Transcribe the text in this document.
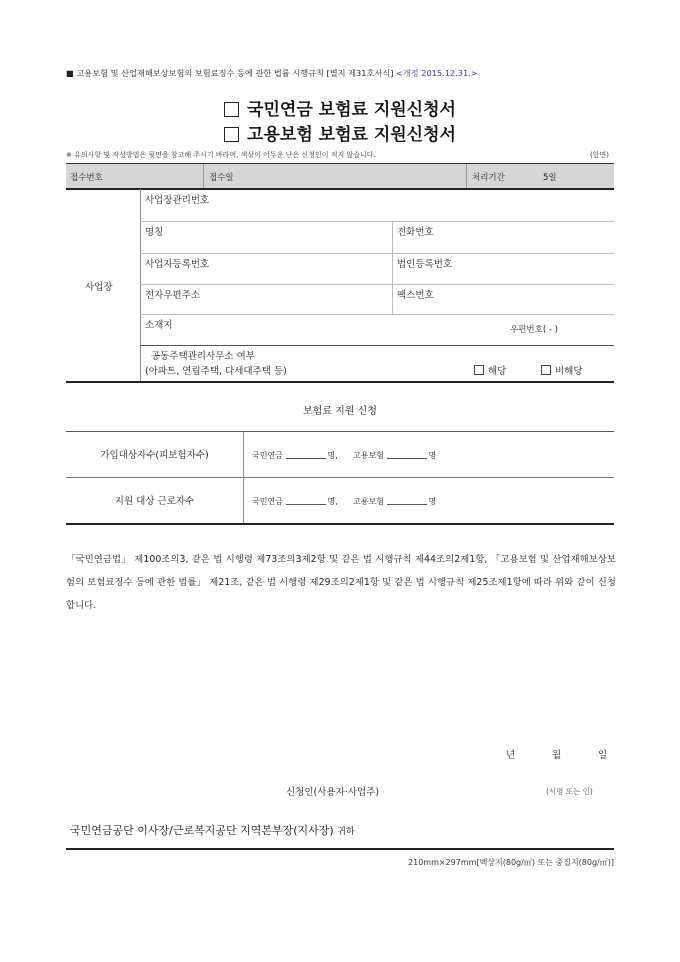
■ 고용보험 및 산업재해보상보험의 보험료징수 등에 관한 법률 시행규칙 [별지 제31호서식] <개정 2015.12.31.>
국민연금 보험료 지원신청서
고용보험 보험료 지원신청서
※ 유의사항 및 작성방법은 뒷면을 참고해 주시기 바라며, 색상이 어두운 난은 신청인이 적지 않습니다.	(앞면)
접수번호	접수일	처리기간	5일
사업장
사업장관리번호
명칭	전화번호
사업자등록번호	법인등록번호
전자우편주소	팩스번호
소재지	우편번호( - )
공동주택관리사무소 여부
(아파트, 연립주택, 다세대주택 등)	해당	비해당
보험료 지원 신청
가입대상자수(피보험자수)	국민연금	명, 고용보험	명
지원 대상 근로자수	국민연금	명, 고용보험	명
「국민연금법」 제100조의3, 같은 법 시행령 제73조의3제2항 및 같은 법 시행규칙 제44조의2제1항, 「고용보험 및 산업재해보상보험의 보험료징수 등에 관한 법률」 제21조, 같은 법 시행령 제29조의2제1항 및 같은 법 시행규칙 제25조제1항에 따라 위와 같이 신청합니다.
년	월	일
신청인(사용자·사업주)	(서명 또는 인)
국민연금공단 이사장/근로복지공단 지역본부장(지사장) 귀하
210mm×297mm[백상지(80g/㎡) 또는 중질지(80g/㎡)]
